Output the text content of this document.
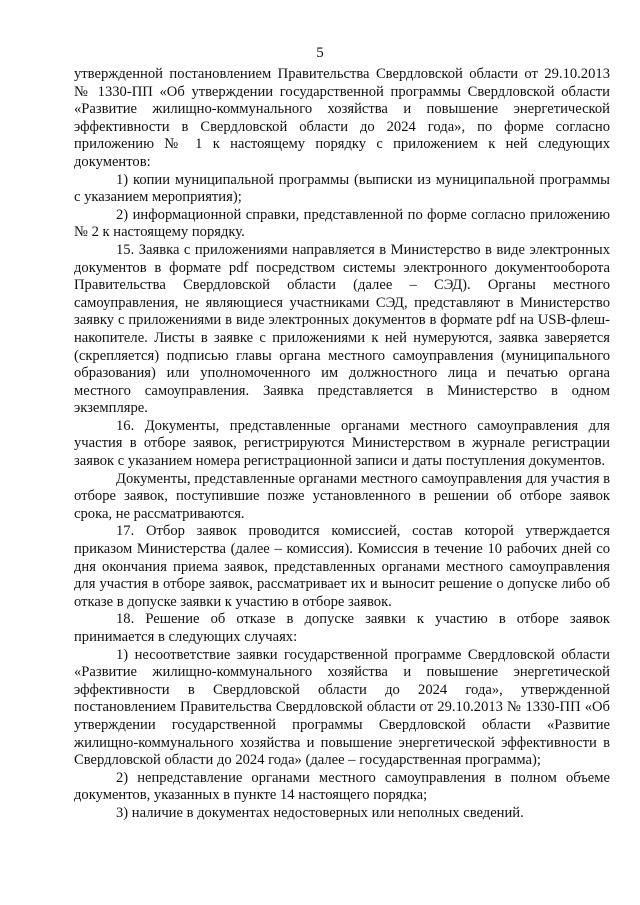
5

утвержденной постановлением Правительства Свердловской области от 29.10.2013 № 1330-ПП «Об утверждении государственной программы Свердловской области «Развитие жилищно-коммунального хозяйства и повышение энергетической эффективности в Свердловской области до 2024 года», по форме согласно приложению № 1 к настоящему порядку с приложением к ней следующих документов:

1) копии муниципальной программы (выписки из муниципальной программы с указанием мероприятия);

2) информационной справки, представленной по форме согласно приложению № 2 к настоящему порядку.

15. Заявка с приложениями направляется в Министерство в виде электронных документов в формате pdf посредством системы электронного документооборота Правительства Свердловской области (далее – СЭД). Органы местного самоуправления, не являющиеся участниками СЭД, представляют в Министерство заявку с приложениями в виде электронных документов в формате pdf на USB-флеш-накопителе. Листы в заявке с приложениями к ней нумеруются, заявка заверяется (скрепляется) подписью главы органа местного самоуправления (муниципального образования) или уполномоченного им должностного лица и печатью органа местного самоуправления. Заявка представляется в Министерство в одном экземпляре.

16. Документы, представленные органами местного самоуправления для участия в отборе заявок, регистрируются Министерством в журнале регистрации заявок с указанием номера регистрационной записи и даты поступления документов.

Документы, представленные органами местного самоуправления для участия в отборе заявок, поступившие позже установленного в решении об отборе заявок срока, не рассматриваются.

17. Отбор заявок проводится комиссией, состав которой утверждается приказом Министерства (далее – комиссия). Комиссия в течение 10 рабочих дней со дня окончания приема заявок, представленных органами местного самоуправления для участия в отборе заявок, рассматривает их и выносит решение о допуске либо об отказе в допуске заявки к участию в отборе заявок.

18. Решение об отказе в допуске заявки к участию в отборе заявок принимается в следующих случаях:

1) несоответствие заявки государственной программе Свердловской области «Развитие жилищно-коммунального хозяйства и повышение энергетической эффективности в Свердловской области до 2024 года», утвержденной постановлением Правительства Свердловской области от 29.10.2013 № 1330-ПП «Об утверждении государственной программы Свердловской области «Развитие жилищно-коммунального хозяйства и повышение энергетической эффективности в Свердловской области до 2024 года» (далее – государственная программа);

2) непредставление органами местного самоуправления в полном объеме документов, указанных в пункте 14 настоящего порядка;

3) наличие в документах недостоверных или неполных сведений.
